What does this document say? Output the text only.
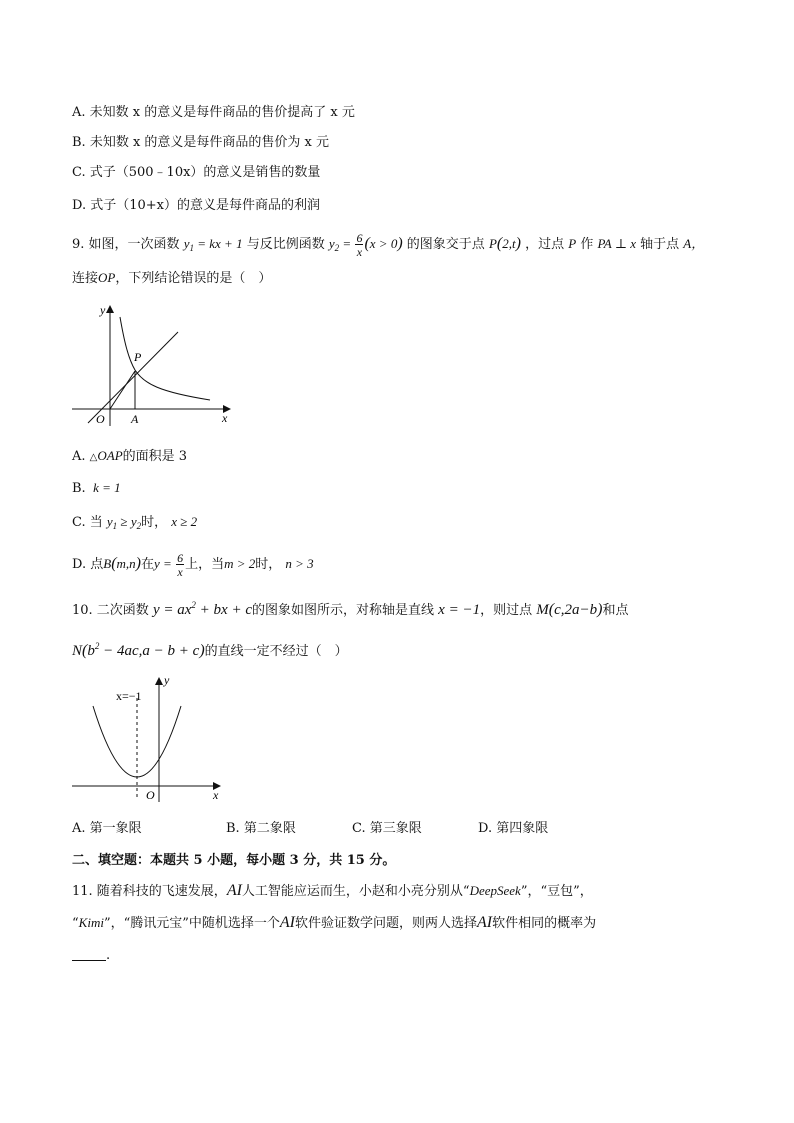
A. 未知数 x 的意义是每件商品的售价提高了 x 元
B. 未知数 x 的意义是每件商品的售价为 x 元
C. 式子（500﹣10x）的意义是销售的数量
D. 式子（10+x）的意义是每件商品的利润
9. 如图，一次函数 $y_1$ = kx + 1 与反比例函数 $y_2 = \frac{6}{x} (x > 0)$ 的图象交于点 P(2,t) ，过点 P 作 PA ⊥ x 轴于点 A，
连接OP，下列结论错误的是（　）
y
x
O A
P
A. △OAP的面积是 3
B.  k = 1
C. 当 $y_1 \ge y_2$时， x ≥ 2
D. 点B(m,n)在$y = \frac{6}{x}$ 上，当m > 2时， n > 3
10. 二次函数 $y = ax^2$ + bx + c的图象如图所示，对称轴是直线 x = −1，则过点 M(c,2a−b)和点
$N(b^2 - 4ac,a - b + c)$的直线一定不经过（　）
x=−1
y
x
O
A. 第一象限	B. 第二象限	C. 第三象限	D. 第四象限
二、填空题：本题共 5 小题，每小题 3 分，共 15 分。
11. 随着科技的飞速发展，AI人工智能应运而生，小赵和小亮分别从“DeepSeek”，“豆包”，
“Kimi”，“腾讯元宝”中随机选择一个AI软件验证数学问题，则两人选择AI软件相同的概率为
.
